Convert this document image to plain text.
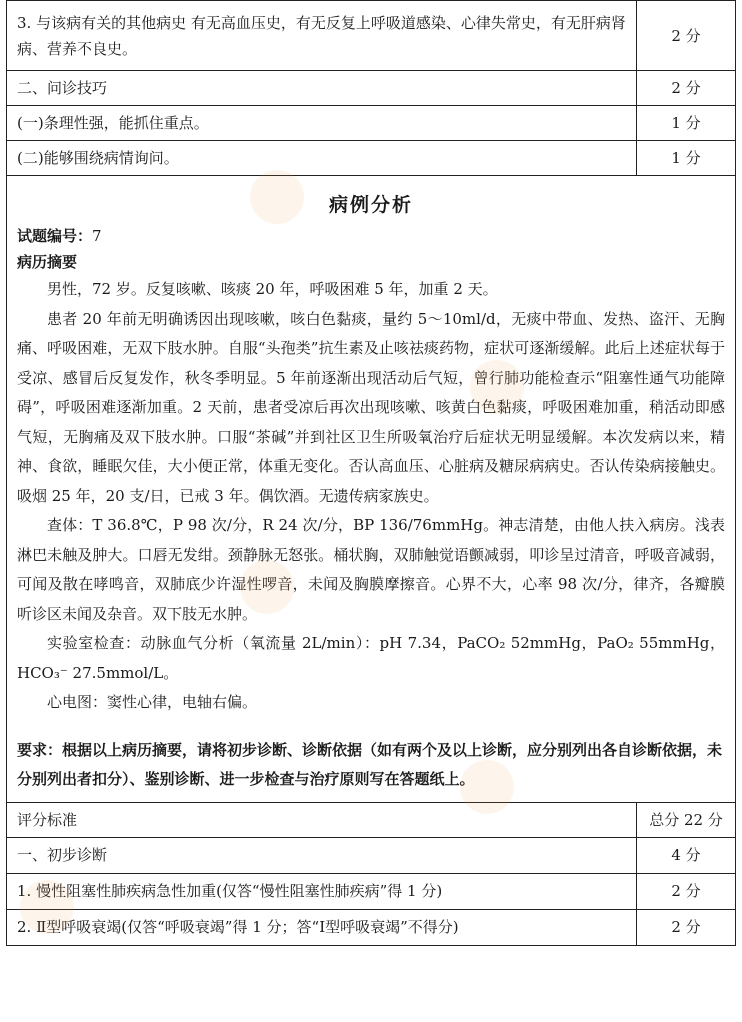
3. 与该病有关的其他病史 有无高血压史，有无反复上呼吸道感染、心律失常史，有无肝病肾病、营养不良史。	2 分
二、问诊技巧	2 分
(一)条理性强，能抓住重点。	1 分
(二)能够围绕病情询问。	1 分
病例分析
试题编号：7
病历摘要

男性，72 岁。反复咳嗽、咳痰 20 年，呼吸困难 5 年，加重 2 天。

患者 20 年前无明确诱因出现咳嗽，咳白色黏痰，量约 5～10ml/d，无痰中带血、发热、盗汗、无胸痛、呼吸困难，无双下肢水肿。自服“头孢类”抗生素及止咳祛痰药物，症状可逐渐缓解。此后上述症状每于受凉、感冒后反复发作，秋冬季明显。5 年前逐渐出现活动后气短，曾行肺功能检查示“阻塞性通气功能障碍”，呼吸困难逐渐加重。2 天前，患者受凉后再次出现咳嗽、咳黄白色黏痰，呼吸困难加重，稍活动即感气短，无胸痛及双下肢水肿。口服“茶碱”并到社区卫生所吸氧治疗后症状无明显缓解。本次发病以来，精神、食欲，睡眠欠佳，大小便正常，体重无变化。否认高血压、心脏病及糖尿病病史。否认传染病接触史。吸烟 25 年，20 支/日，已戒 3 年。偶饮酒。无遗传病家族史。

查体：T 36.8℃，P 98 次/分，R 24 次/分，BP 136/76mmHg。神志清楚，由他人扶入病房。浅表淋巴未触及肿大。口唇无发绀。颈静脉无怒张。桶状胸，双肺触觉语颤减弱，叩诊呈过清音，呼吸音减弱，可闻及散在哮鸣音，双肺底少许湿性啰音，未闻及胸膜摩擦音。心界不大，心率 98 次/分，律齐，各瓣膜听诊区未闻及杂音。双下肢无水肿。

实验室检查：动脉血气分析（氧流量 2L/min）：pH 7.34，PaCO₂ 52mmHg，PaO₂ 55mmHg，HCO₃⁻ 27.5mmol/L。

心电图：窦性心律，电轴右偏。

要求：根据以上病历摘要，请将初步诊断、诊断依据（如有两个及以上诊断，应分别列出各自诊断依据，未分别列出者扣分）、鉴别诊断、进一步检查与治疗原则写在答题纸上。
评分标准	总分 22 分
一、初步诊断	4 分
1. 慢性阻塞性肺疾病急性加重(仅答“慢性阻塞性肺疾病”得 1 分)	2 分
2. Ⅱ型呼吸衰竭(仅答“呼吸衰竭”得 1 分；答“Ⅰ型呼吸衰竭”不得分)	2 分
